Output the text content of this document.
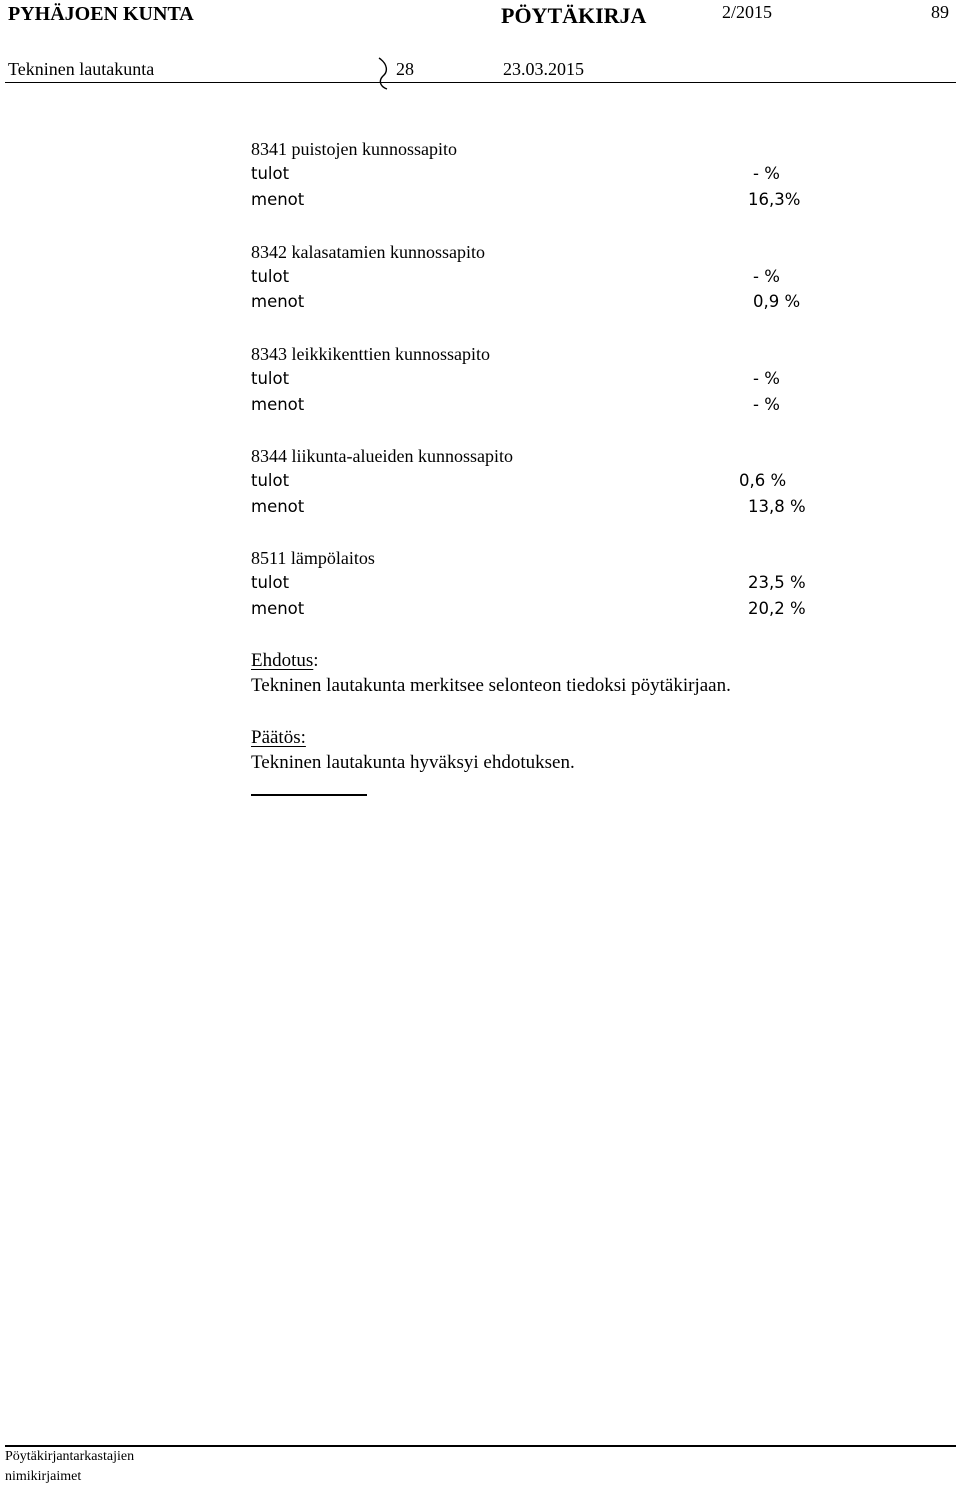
PYHÄJOEN KUNTA	PÖYTÄKIRJA	2/2015	89
Tekninen lautakunta	28	23.03.2015
8341 puistojen kunnossapito
tulot	- %
menot	16,3%
8342 kalasatamien kunnossapito
tulot	- %
menot	0,9 %
8343 leikkikenttien kunnossapito
tulot	- %
menot	- %
8344 liikunta-alueiden kunnossapito
tulot	0,6 %
menot	13,8 %
8511 lämpölaitos
tulot	23,5 %
menot	20,2 %
Ehdotus:
Tekninen lautakunta merkitsee selonteon tiedoksi pöytäkirjaan.
Päätös:
Tekninen lautakunta hyväksyi ehdotuksen.
Pöytäkirjantarkastajien
nimikirjaimet
